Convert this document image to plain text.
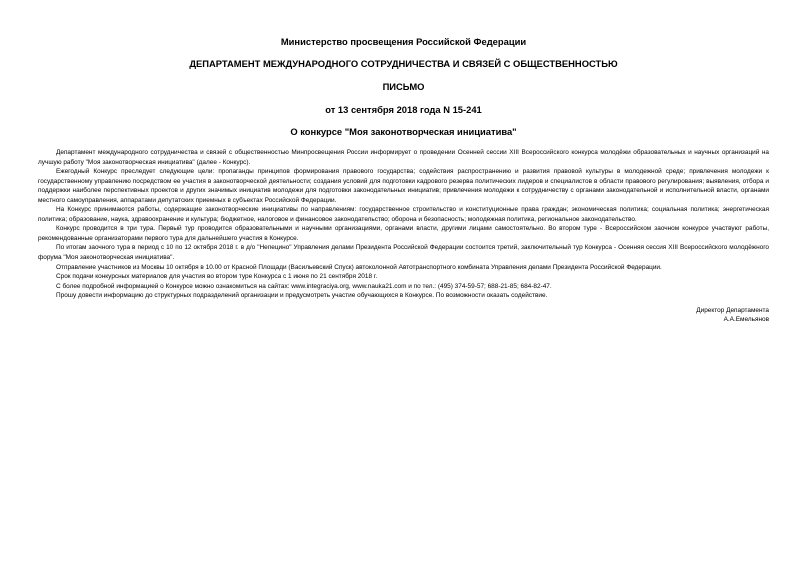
Министерство просвещения Российской Федерации
ДЕПАРТАМЕНТ МЕЖДУНАРОДНОГО СОТРУДНИЧЕСТВА И СВЯЗЕЙ С ОБЩЕСТВЕННОСТЬЮ
ПИСЬМО
от 13 сентября 2018 года N 15-241
О конкурсе "Моя законотворческая инициатива"

Департамент международного сотрудничества и связей с общественностью Минпросвещения России информирует о проведении Осенней сессии XIII Всероссийского конкурса молодёжи образовательных и научных организаций на лучшую работу "Моя законотворческая инициатива" (далее - Конкурс).

Ежегодный Конкурс преследует следующие цели: пропаганды принципов формирования правового государства; содействия распространению и развития правовой культуры в молодежной среде; привлечения молодежи к государственному управлению посредством ее участия в законотворческой деятельности; создания условий для подготовки кадрового резерва политических лидеров и специалистов в области правового регулирования; выявления, отбора и поддержки наиболее перспективных проектов и других значимых инициатив молодежи для подготовки законодательных инициатив; привлечения молодежи к сотрудничеству с органами законодательной и исполнительной власти, органами местного самоуправления, аппаратами депутатских приемных в субъектах Российской Федерации.

На Конкурс принимаются работы, содержащие законотворческие инициативы по направлениям: государственное строительство и конституционные права граждан; экономическая политика; социальная политика; энергетическая политика; образование, наука, здравоохранение и культура; бюджетное, налоговое и финансовое законодательство; оборона и безопасность; молодежная политика, региональное законодательство.

Конкурс проводится в три тура. Первый тур проводится образовательными и научными организациями, органами власти, другими лицами самостоятельно. Во втором туре - Всероссийском заочном конкурсе участвуют работы, рекомендованные организаторами первого тура для дальнейшего участия в Конкурсе.

По итогам заочного тура в период с 10 по 12 октября 2018 г. в д/о "Непецино" Управления делами Президента Российской Федерации состоится третий, заключительный тур Конкурса - Осенняя сессия XIII Всероссийского молодёжного форума "Моя законотворческая инициатива".

Отправление участников из Москвы 10 октября в 10.00 от Красной Площади (Васильевский Спуск) автоколонной Автотранспортного комбината Управления делами Президента Российской Федерации.

Срок подачи конкурсных материалов для участия во втором туре Конкурса с 1 июня по 21 сентября 2018 г.

С более подробной информацией о Конкурсе можно ознакомиться на сайтах: www.integraciya.org, www.nauka21.com и по тел.: (495) 374-59-57; 688-21-85; 684-82-47.

Прошу довести информацию до структурных подразделений организации и предусмотреть участие обучающихся в Конкурсе. По возможности оказать содействие.

Директор Департамента
А.А.Емельянов
